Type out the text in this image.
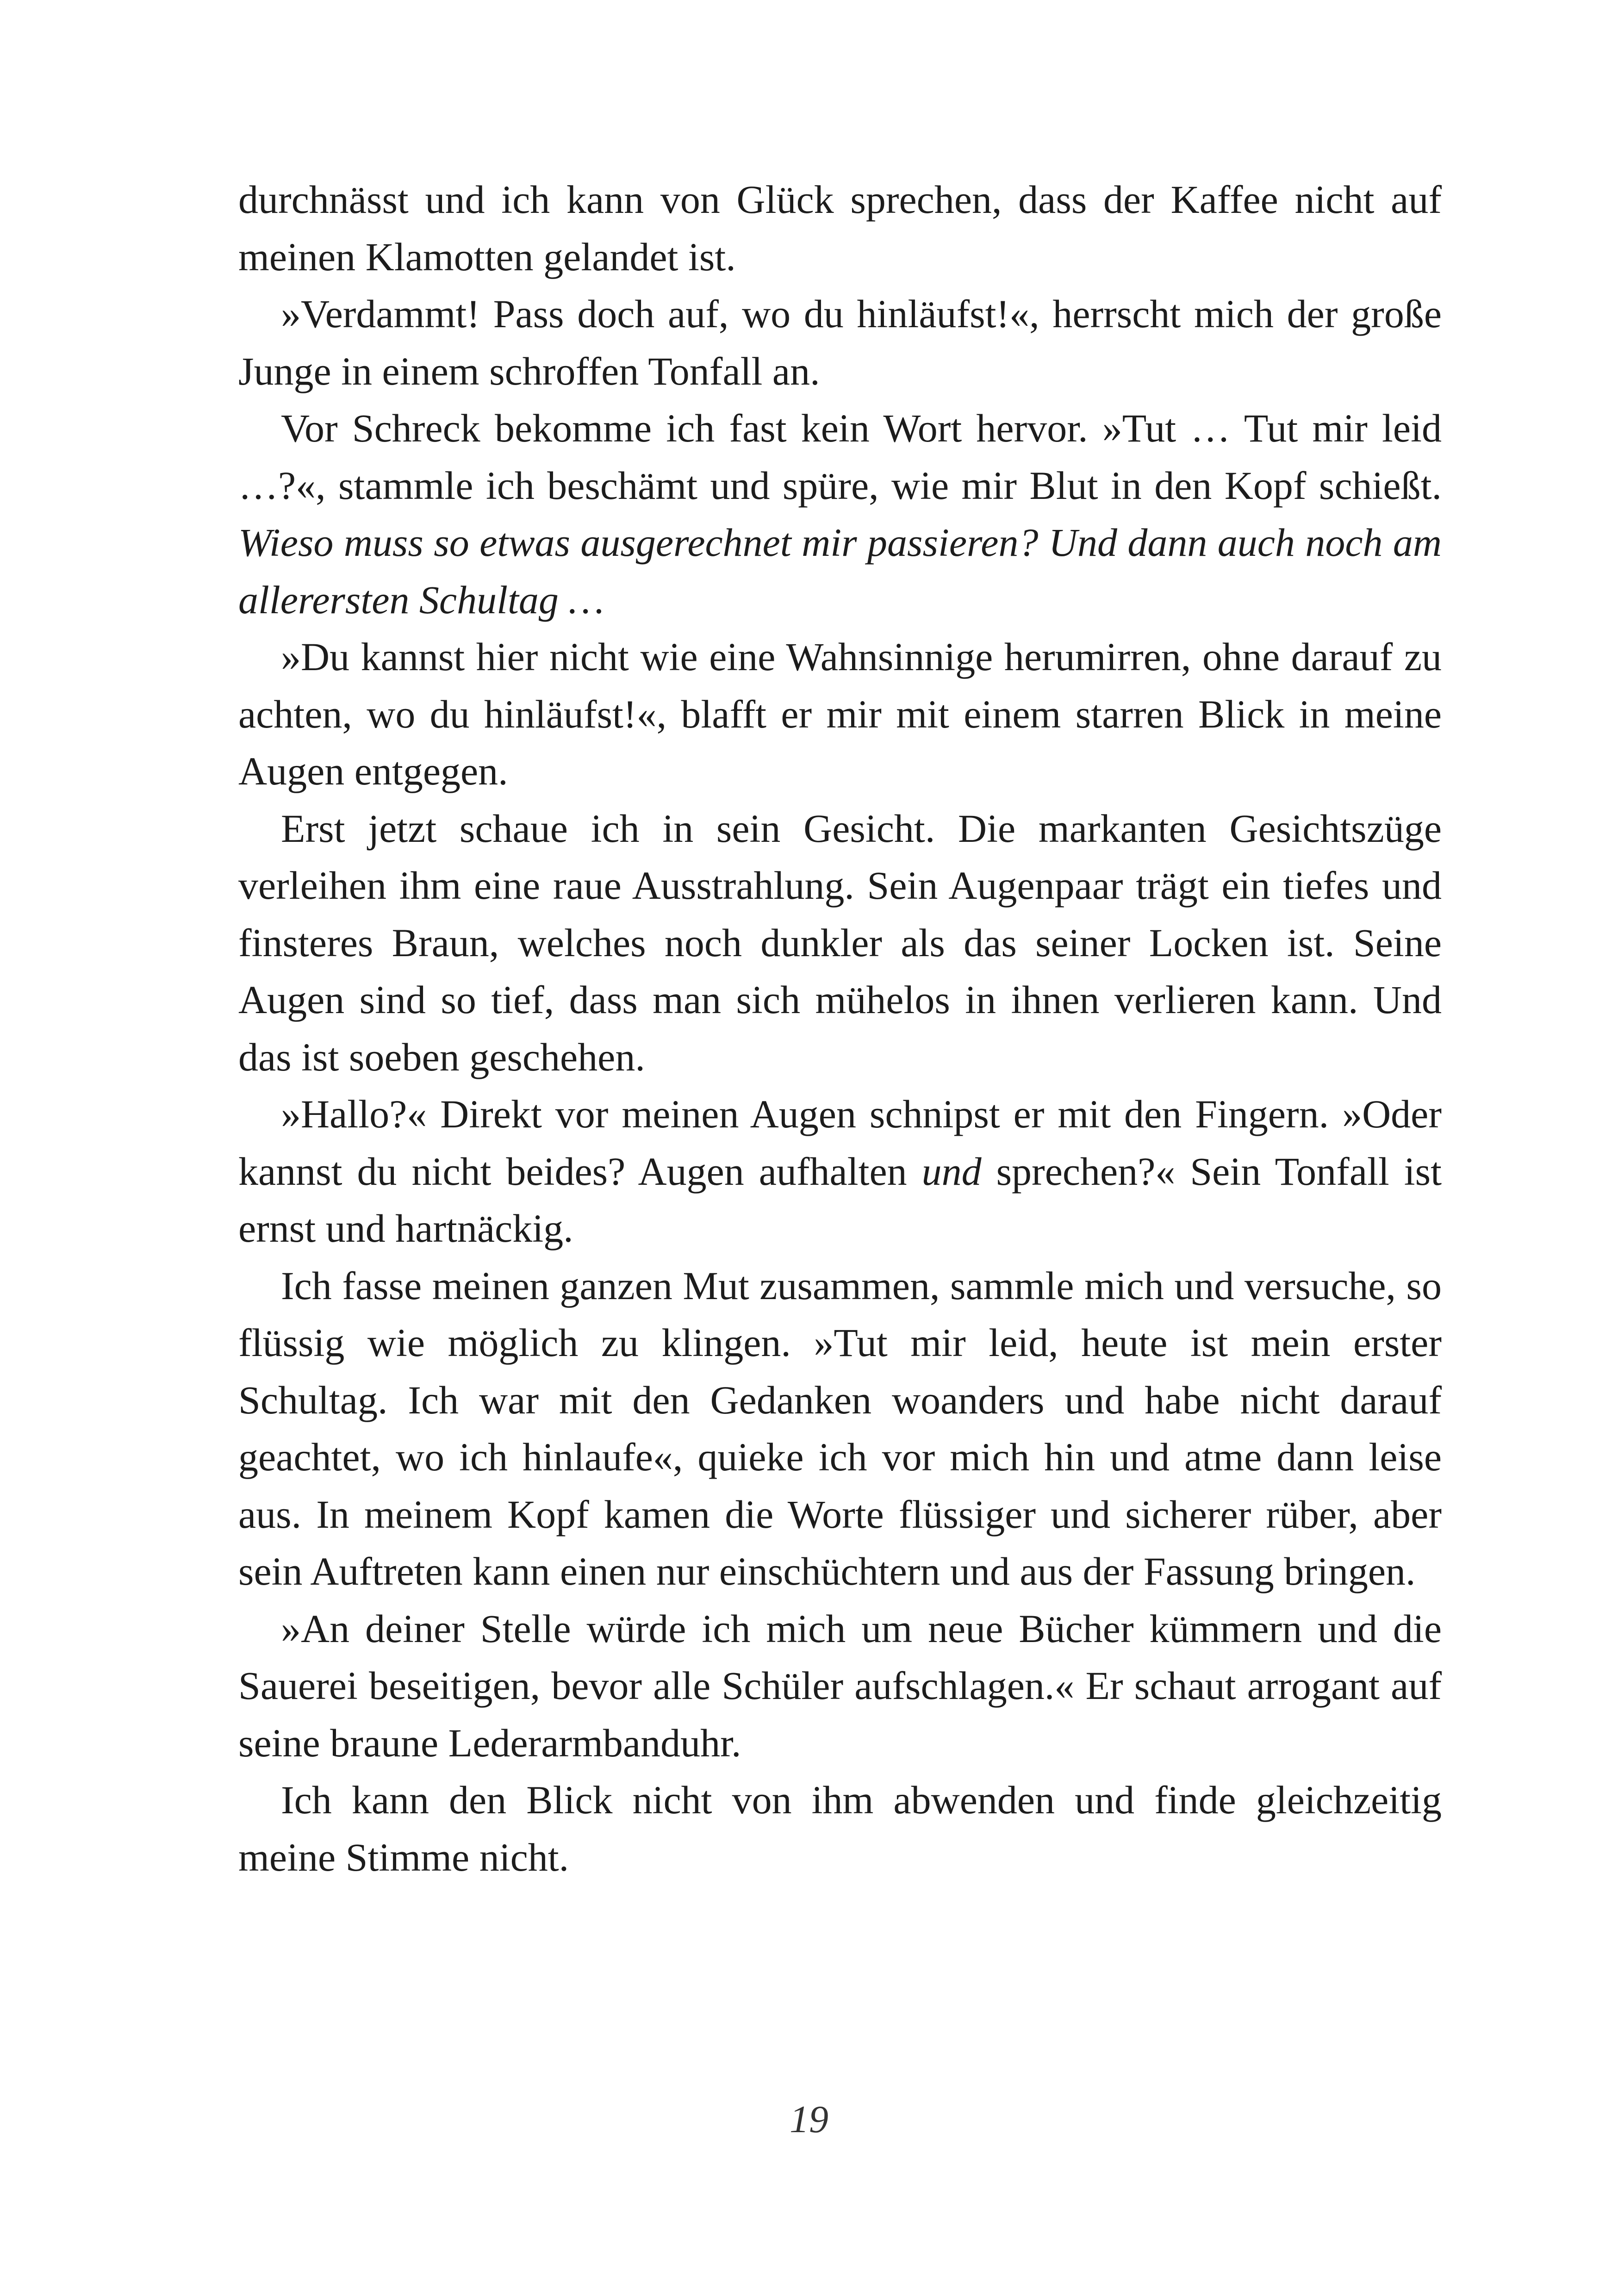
durchnässt und ich kann von Glück sprechen, dass der Kaffee nicht auf meinen Klamotten gelandet ist.

»Verdammt! Pass doch auf, wo du hinläufst!«, herrscht mich der große Junge in einem schroffen Tonfall an.

Vor Schreck bekomme ich fast kein Wort hervor. »Tut … Tut mir leid …?«, stammle ich beschämt und spüre, wie mir Blut in den Kopf schießt. Wieso muss so etwas ausgerechnet mir passieren? Und dann auch noch am allerersten Schultag …

»Du kannst hier nicht wie eine Wahnsinnige herumirren, ohne darauf zu achten, wo du hinläufst!«, blafft er mir mit einem starren Blick in meine Augen entgegen.

Erst jetzt schaue ich in sein Gesicht. Die markanten Gesichtszüge verleihen ihm eine raue Ausstrahlung. Sein Augenpaar trägt ein tiefes und finsteres Braun, welches noch dunkler als das seiner Locken ist. Seine Augen sind so tief, dass man sich mühelos in ihnen verlieren kann. Und das ist soeben geschehen.

»Hallo?« Direkt vor meinen Augen schnipst er mit den Fingern. »Oder kannst du nicht beides? Augen aufhalten und sprechen?« Sein Tonfall ist ernst und hartnäckig.

Ich fasse meinen ganzen Mut zusammen, sammle mich und versuche, so flüssig wie möglich zu klingen. »Tut mir leid, heute ist mein erster Schultag. Ich war mit den Gedanken woanders und habe nicht darauf geachtet, wo ich hinlaufe«, quieke ich vor mich hin und atme dann leise aus. In meinem Kopf kamen die Worte flüssiger und sicherer rüber, aber sein Auftreten kann einen nur einschüchtern und aus der Fassung bringen.

»An deiner Stelle würde ich mich um neue Bücher kümmern und die Sauerei beseitigen, bevor alle Schüler aufschlagen.« Er schaut arrogant auf seine braune Lederarmbanduhr.

Ich kann den Blick nicht von ihm abwenden und finde gleichzeitig meine Stimme nicht.

19
